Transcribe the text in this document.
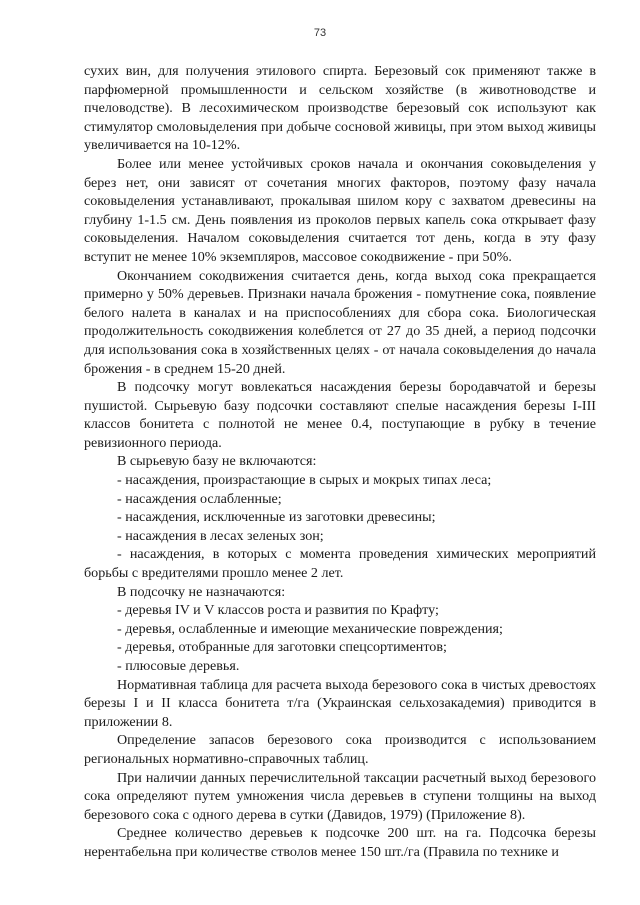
73

сухих вин, для получения этилового спирта. Березовый сок применяют также в парфюмерной промышленности и сельском хозяйстве (в животноводстве и пчеловодстве). В лесохимическом производстве березовый сок используют как стимулятор смоловыделения при добыче сосновой живицы, при этом выход живицы увеличивается на 10-12%.

Более или менее устойчивых сроков начала и окончания соковыделения у берез нет, они зависят от сочетания многих факторов, поэтому фазу начала соковыделения устанавливают, прокалывая шилом кору с захватом древесины на глубину 1-1.5 см. День появления из проколов первых капель сока открывает фазу соковыделения. Началом соковыделения считается тот день, когда в эту фазу вступит не менее 10% экземпляров, массовое сокодвижение - при 50%.

Окончанием сокодвижения считается день, когда выход сока прекращается примерно у 50% деревьев. Признаки начала брожения - помутнение сока, появление белого налета в каналах и на приспособлениях для сбора сока. Биологическая продолжительность сокодвижения колеблется от 27 до 35 дней, а период подсочки для использования сока в хозяйственных целях - от начала соковыделения до начала брожения - в среднем 15-20 дней.

В подсочку могут вовлекаться насаждения березы бородавчатой и березы пушистой. Сырьевую базу подсочки составляют спелые насаждения березы I-III классов бонитета с полнотой не менее 0.4, поступающие в рубку в течение ревизионного периода.

В сырьевую базу не включаются:

- насаждения, произрастающие в сырых и мокрых типах леса;

- насаждения ослабленные;

- насаждения, исключенные из заготовки древесины;

- насаждения в лесах зеленых зон;

- насаждения, в которых с момента проведения химических мероприятий борьбы с вредителями прошло менее 2 лет.

В подсочку не назначаются:

- деревья IV и V классов роста и развития по Крафту;

- деревья, ослабленные и имеющие механические повреждения;

- деревья, отобранные для заготовки спецсортиментов;

- плюсовые деревья.

Нормативная таблица для расчета выхода березового сока в чистых древостоях березы I и II класса бонитета т/га (Украинская сельхозакадемия) приводится в приложении 8.

Определение запасов березового сока производится с использованием региональных нормативно-справочных таблиц.

При наличии данных перечислительной таксации расчетный выход березового сока определяют путем умножения числа деревьев в ступени толщины на выход березового сока с одного дерева в сутки (Давидов, 1979) (Приложение 8).

Среднее количество деревьев к подсочке 200 шт. на га. Подсочка березы нерентабельна при количестве стволов менее 150 шт./га (Правила по технике и
